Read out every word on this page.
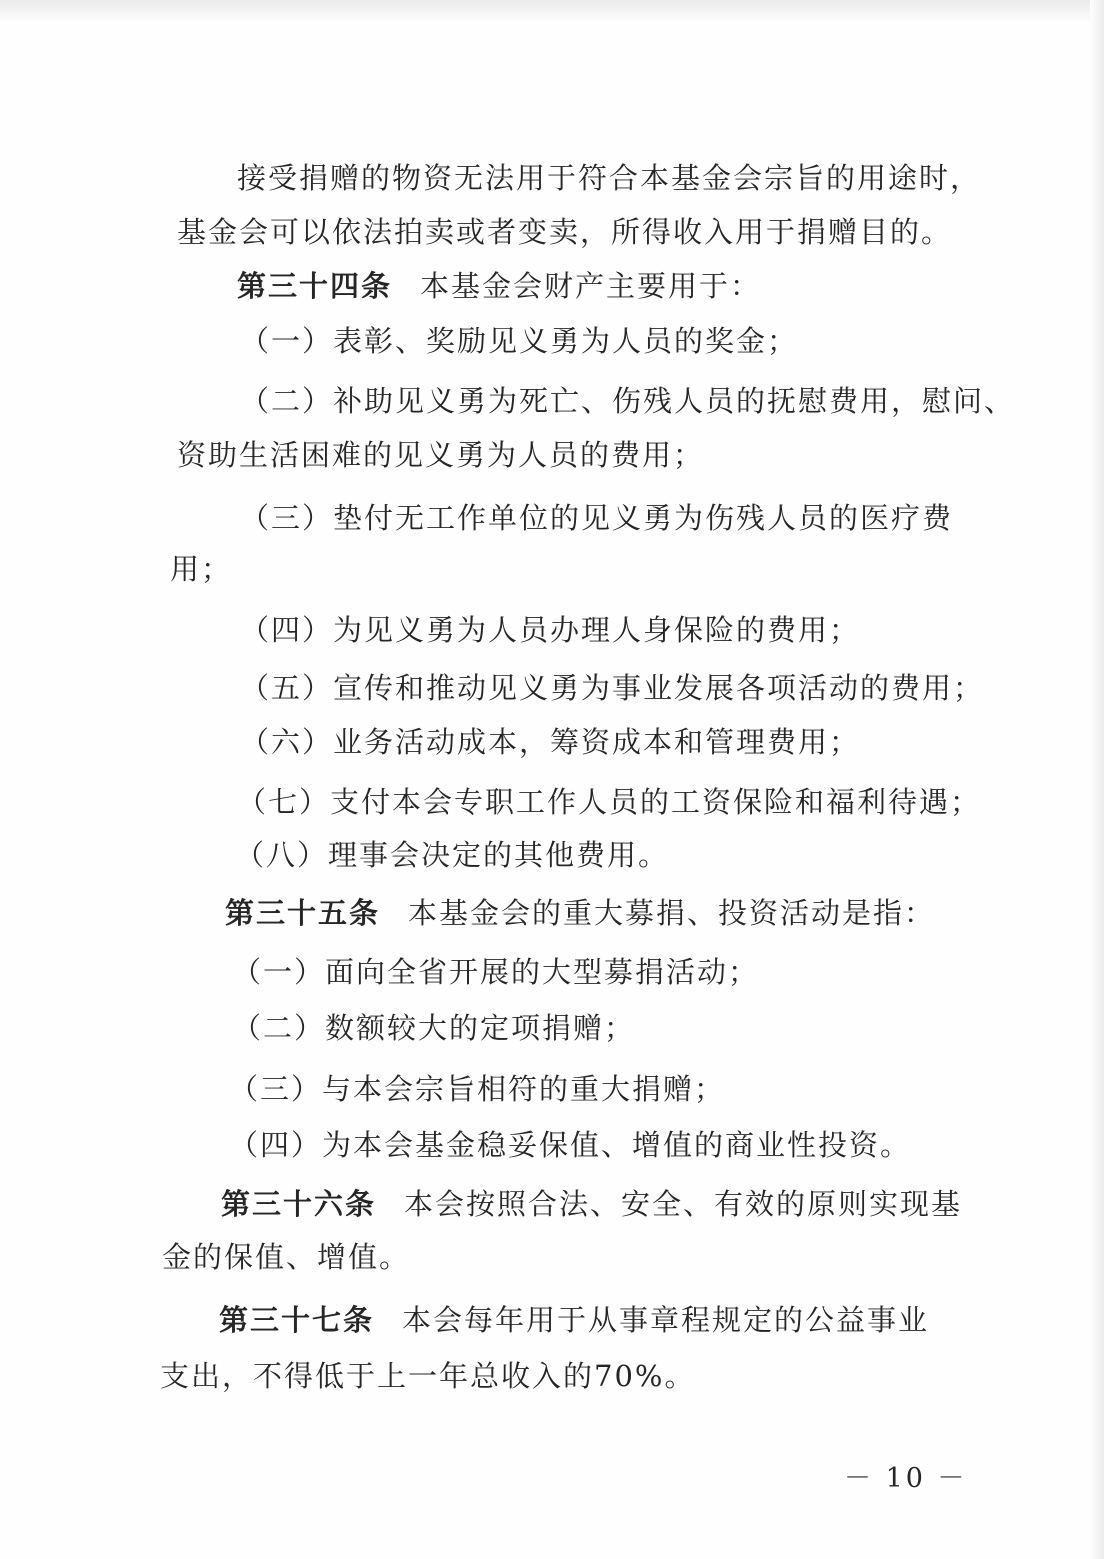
接受捐赠的物资无法用于符合本基金会宗旨的用途时，
基金会可以依法拍卖或者变卖，所得收入用于捐赠目的。
第三十四条 本基金会财产主要用于：
（一）表彰、奖励见义勇为人员的奖金；
（二）补助见义勇为死亡、伤残人员的抚慰费用，慰问、
资助生活困难的见义勇为人员的费用；
（三）垫付无工作单位的见义勇为伤残人员的医疗费
用；
（四）为见义勇为人员办理人身保险的费用；
（五）宣传和推动见义勇为事业发展各项活动的费用；
（六）业务活动成本，筹资成本和管理费用；
（七）支付本会专职工作人员的工资保险和福利待遇；
（八）理事会决定的其他费用。
第三十五条 本基金会的重大募捐、投资活动是指：
（一）面向全省开展的大型募捐活动；
（二）数额较大的定项捐赠；
（三）与本会宗旨相符的重大捐赠；
（四）为本会基金稳妥保值、增值的商业性投资。
第三十六条 本会按照合法、安全、有效的原则实现基
金的保值、增值。
第三十七条 本会每年用于从事章程规定的公益事业
支出，不得低于上一年总收入的70%。
－ 10 －
